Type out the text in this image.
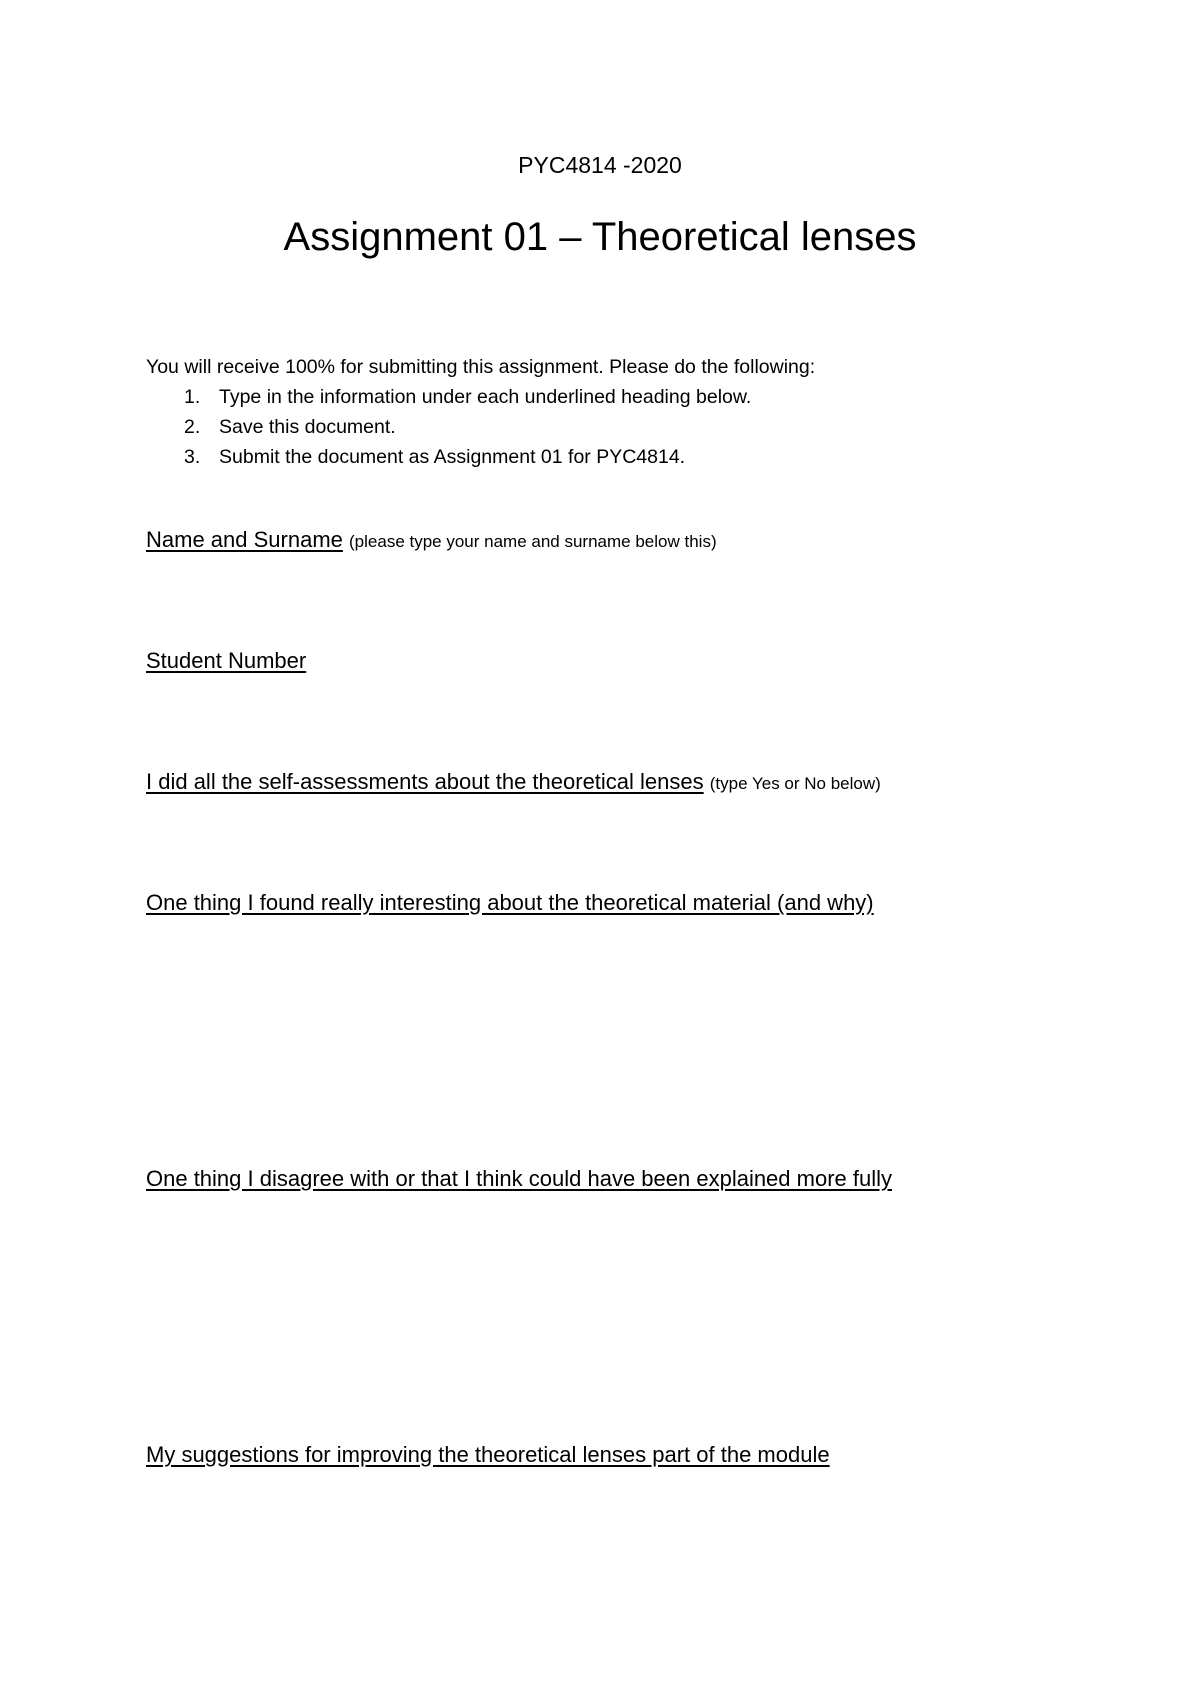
PYC4814 -2020
Assignment 01 – Theoretical lenses

You will receive 100% for submitting this assignment. Please do the following:

1. Type in the information under each underlined heading below.
2. Save this document.
3. Submit the document as Assignment 01 for PYC4814.
Name and Surname (please type your name and surname below this)
Student Number
I did all the self-assessments about the theoretical lenses (type Yes or No below)
One thing I found really interesting about the theoretical material (and why)
One thing I disagree with or that I think could have been explained more fully
My suggestions for improving the theoretical lenses part of the module
